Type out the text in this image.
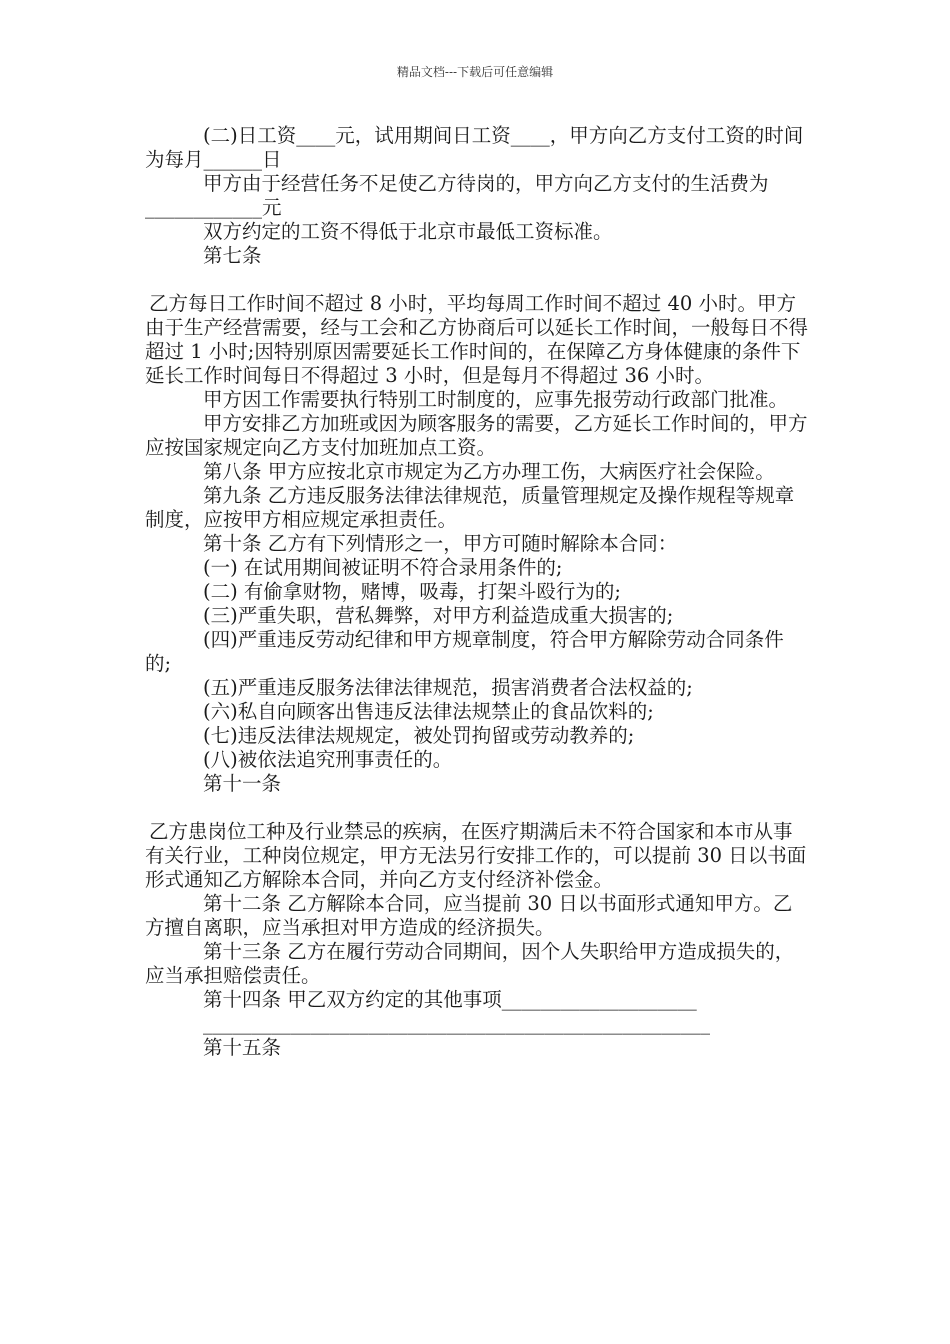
精品文档---下载后可任意编辑

(二)日工资____元，试用期间日工资____，甲方向乙方支付工资的时间为每月______日

甲方由于经营任务不足使乙方待岗的，甲方向乙方支付的生活费为 ____________元

双方约定的工资不得低于北京市最低工资标准。

第七条

乙方每日工作时间不超过 8 小时，平均每周工作时间不超过 40 小时。甲方由于生产经营需要，经与工会和乙方协商后可以延长工作时间，一般每日不得超过 1 小时;因特别原因需要延长工作时间的，在保障乙方身体健康的条件下延长工作时间每日不得超过 3 小时，但是每月不得超过 36 小时。

甲方因工作需要执行特别工时制度的，应事先报劳动行政部门批准。

甲方安排乙方加班或因为顾客服务的需要，乙方延长工作时间的，甲方应按国家规定向乙方支付加班加点工资。

第八条 甲方应按北京市规定为乙方办理工伤，大病医疗社会保险。

第九条 乙方违反服务法律法律规范，质量管理规定及操作规程等规章制度，应按甲方相应规定承担责任。

第十条 乙方有下列情形之一，甲方可随时解除本合同：

(一) 在试用期间被证明不符合录用条件的;

(二) 有偷拿财物，赌博，吸毒，打架斗殴行为的;

(三)严重失职，营私舞弊，对甲方利益造成重大损害的;

(四)严重违反劳动纪律和甲方规章制度，符合甲方解除劳动合同条件的;

(五)严重违反服务法律法律规范，损害消费者合法权益的;

(六)私自向顾客出售违反法律法规禁止的食品饮料的;

(七)违反法律法规规定，被处罚拘留或劳动教养的;

(八)被依法追究刑事责任的。

第十一条

乙方患岗位工种及行业禁忌的疾病，在医疗期满后未不符合国家和本市从事有关行业，工种岗位规定，甲方无法另行安排工作的，可以提前 30 日以书面形式通知乙方解除本合同，并向乙方支付经济补偿金。

第十二条 乙方解除本合同，应当提前 30 日以书面形式通知甲方。乙方擅自离职，应当承担对甲方造成的经济损失。

第十三条 乙方在履行劳动合同期间，因个人失职给甲方造成损失的，应当承担赔偿责任。

第十四条 甲乙双方约定的其他事项____________________

____________________________________________________

第十五条
